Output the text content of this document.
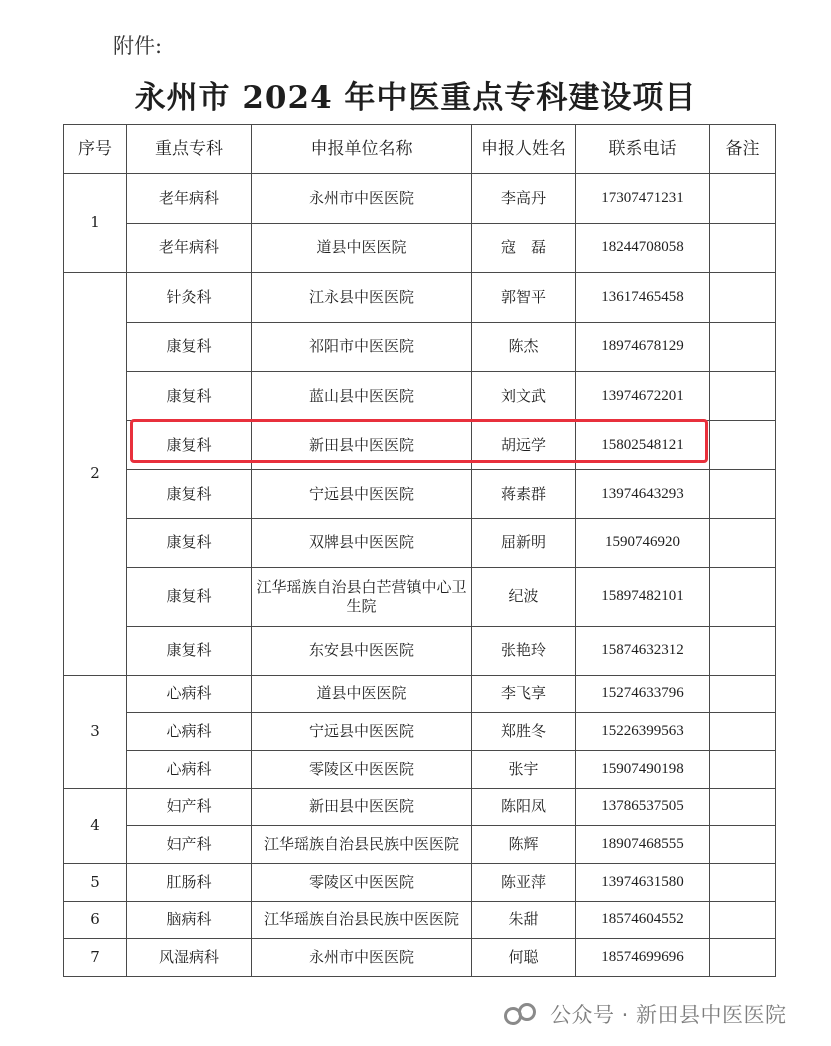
附件:
永州市 2024 年中医重点专科建设项目
序号	重点专科	申报单位名称	申报人姓名	联系电话	备注
1	老年病科	永州市中医医院	李高丹	17307471231	
	老年病科	道县中医医院	寇　磊	18244708058	
2	针灸科	江永县中医医院	郭智平	13617465458	
	康复科	祁阳市中医医院	陈杰	18974678129	
	康复科	蓝山县中医医院	刘文武	13974672201	
	康复科	新田县中医医院	胡远学	15802548121	
	康复科	宁远县中医医院	蒋素群	13974643293	
	康复科	双牌县中医医院	屈新明	1590746920	
	康复科	江华瑶族自治县白芒营镇中心卫生院	纪波	15897482101	
	康复科	东安县中医医院	张艳玲	15874632312	
3	心病科	道县中医医院	李飞享	15274633796	
	心病科	宁远县中医医院	郑胜冬	15226399563	
	心病科	零陵区中医医院	张宇	15907490198	
4	妇产科	新田县中医医院	陈阳凤	13786537505	
	妇产科	江华瑶族自治县民族中医医院	陈辉	18907468555	
5	肛肠科	零陵区中医医院	陈亚萍	13974631580	
6	脑病科	江华瑶族自治县民族中医医院	朱甜	18574604552	
7	风湿病科	永州市中医医院	何聪	18574699696	
公众号 · 新田县中医医院
